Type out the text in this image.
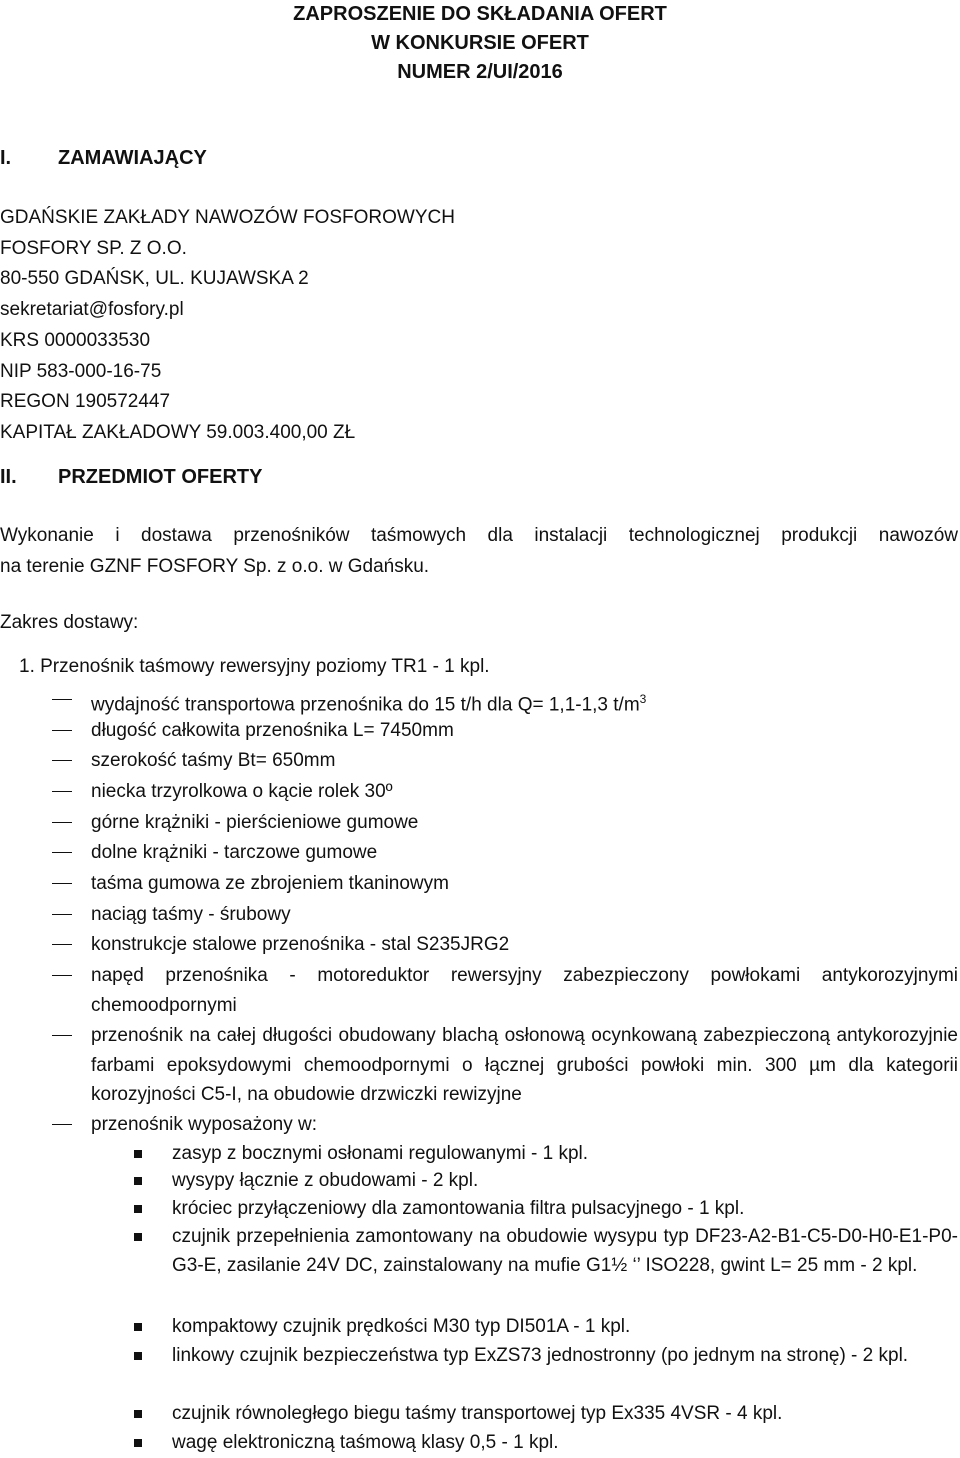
ZAPROSZENIE DO SKŁADANIA OFERT
W KONKURSIE OFERT
NUMER 2/UI/2016
I. ZAMAWIAJĄCY
GDAŃSKIE ZAKŁADY NAWOZÓW FOSFOROWYCH
FOSFORY SP. Z O.O.
80-550 GDAŃSK, UL. KUJAWSKA 2
sekretariat@fosfory.pl
KRS 0000033530
NIP 583-000-16-75
REGON 190572447
KAPITAŁ ZAKŁADOWY 59.003.400,00 ZŁ
II. PRZEDMIOT OFERTY
Wykonanie i dostawa przenośników taśmowych dla instalacji technologicznej produkcji nawozów
na terenie GZNF FOSFORY Sp. z o.o. w Gdańsku.
Zakres dostawy:
1. Przenośnik taśmowy rewersyjny poziomy TR1 - 1 kpl.
wydajność transportowa przenośnika do 15 t/h dla Q= 1,1-1,3 $t/m^3$
długość całkowita przenośnika L= 7450mm
szerokość taśmy Bt= 650mm
niecka trzyrolkowa o kącie rolek 30º
górne krążniki - pierścieniowe gumowe
dolne krążniki - tarczowe gumowe
taśma gumowa ze zbrojeniem tkaninowym
naciąg taśmy - śrubowy
konstrukcje stalowe przenośnika - stal S235JRG2
napęd przenośnika - motoreduktor rewersyjny zabezpieczony powłokami antykorozyjnymi chemoodpornymi
przenośnik na całej długości obudowany blachą osłonową ocynkowaną zabezpieczoną antykorozyjnie farbami epoksydowymi chemoodpornymi o łącznej grubości powłoki min. 300 µm dla kategorii korozyjności C5-I, na obudowie drzwiczki rewizyjne
przenośnik wyposażony w:
zasyp z bocznymi osłonami regulowanymi - 1 kpl.
wysypy łącznie z obudowami - 2 kpl.
króciec przyłączeniowy dla zamontowania filtra pulsacyjnego - 1 kpl.
czujnik przepełnienia zamontowany na obudowie wysypu typ DF23-A2-B1-C5-D0-H0-E1-P0-G3-E, zasilanie 24V DC, zainstalowany na mufie G1½ ‘’ ISO228, gwint L= 25 mm - 2 kpl.
kompaktowy czujnik prędkości M30 typ DI501A - 1 kpl.
linkowy czujnik bezpieczeństwa typ ExZS73 jednostronny (po jednym na stronę) - 2 kpl.
czujnik równoległego biegu taśmy transportowej typ Ex335 4VSR - 4 kpl.
wagę elektroniczną taśmową klasy 0,5 - 1 kpl.
